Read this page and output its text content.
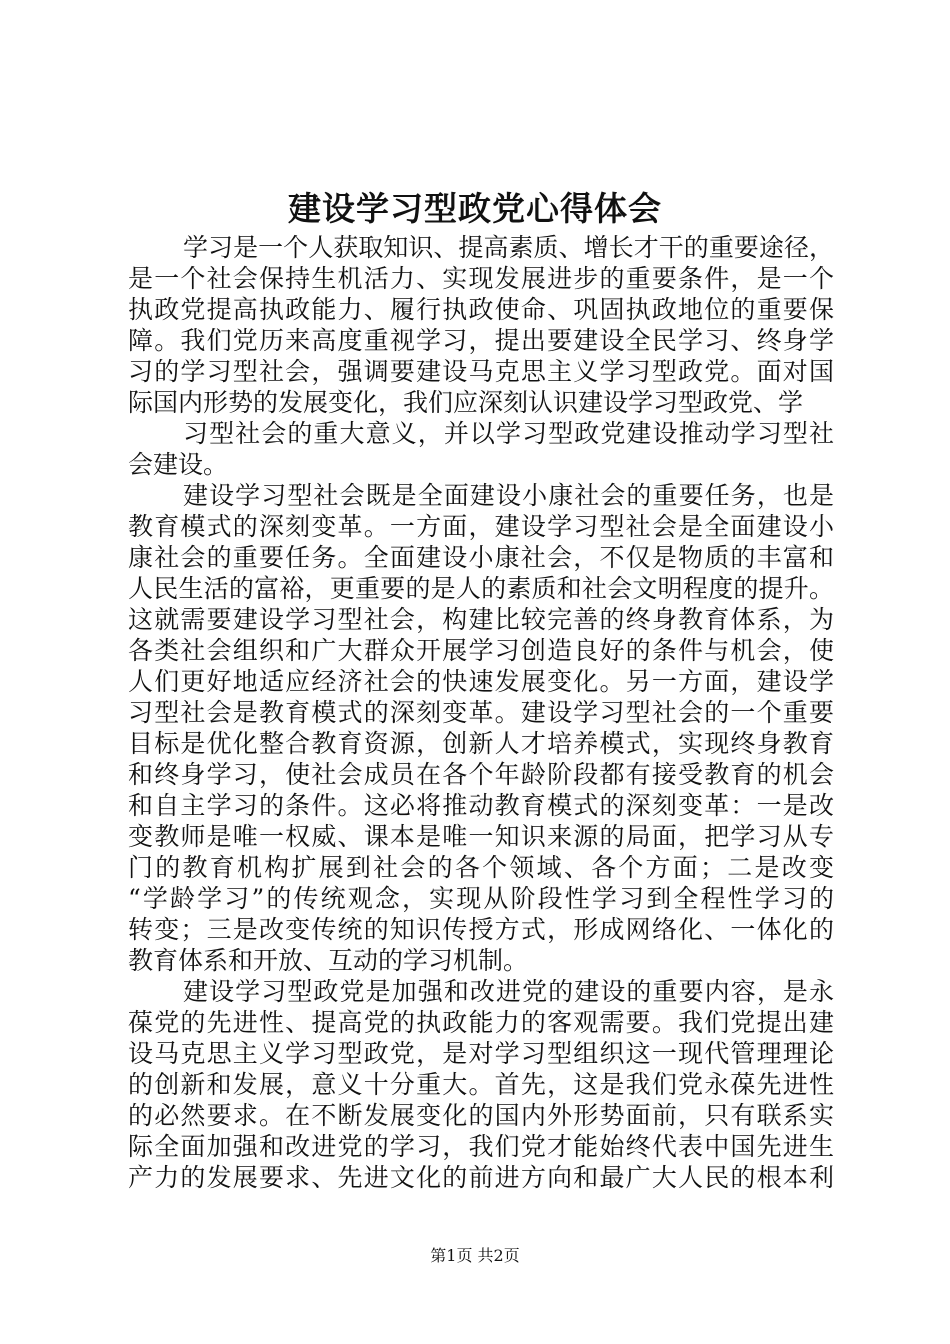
建设学习型政党心得体会
学习是一个人获取知识、提高素质、增长才干的重要途径，
是一个社会保持生机活力、实现发展进步的重要条件，是一个
执政党提高执政能力、履行执政使命、巩固执政地位的重要保
障。我们党历来高度重视学习，提出要建设全民学习、终身学
习的学习型社会，强调要建设马克思主义学习型政党。面对国
际国内形势的发展变化，我们应深刻认识建设学习型政党、学
习型社会的重大意义，并以学习型政党建设推动学习型社
会建设。
建设学习型社会既是全面建设小康社会的重要任务，也是
教育模式的深刻变革。一方面，建设学习型社会是全面建设小
康社会的重要任务。全面建设小康社会，不仅是物质的丰富和
人民生活的富裕，更重要的是人的素质和社会文明程度的提升。
这就需要建设学习型社会，构建比较完善的终身教育体系，为
各类社会组织和广大群众开展学习创造良好的条件与机会，使
人们更好地适应经济社会的快速发展变化。另一方面，建设学
习型社会是教育模式的深刻变革。建设学习型社会的一个重要
目标是优化整合教育资源，创新人才培养模式，实现终身教育
和终身学习，使社会成员在各个年龄阶段都有接受教育的机会
和自主学习的条件。这必将推动教育模式的深刻变革：一是改
变教师是唯一权威、课本是唯一知识来源的局面，把学习从专
门的教育机构扩展到社会的各个领域、各个方面；二是改变
“学龄学习”的传统观念，实现从阶段性学习到全程性学习的
转变；三是改变传统的知识传授方式，形成网络化、一体化的
教育体系和开放、互动的学习机制。
建设学习型政党是加强和改进党的建设的重要内容，是永
葆党的先进性、提高党的执政能力的客观需要。我们党提出建
设马克思主义学习型政党，是对学习型组织这一现代管理理论
的创新和发展，意义十分重大。首先，这是我们党永葆先进性
的必然要求。在不断发展变化的国内外形势面前，只有联系实
际全面加强和改进党的学习，我们党才能始终代表中国先进生
产力的发展要求、先进文化的前进方向和最广大人民的根本利
第1页 共2页
